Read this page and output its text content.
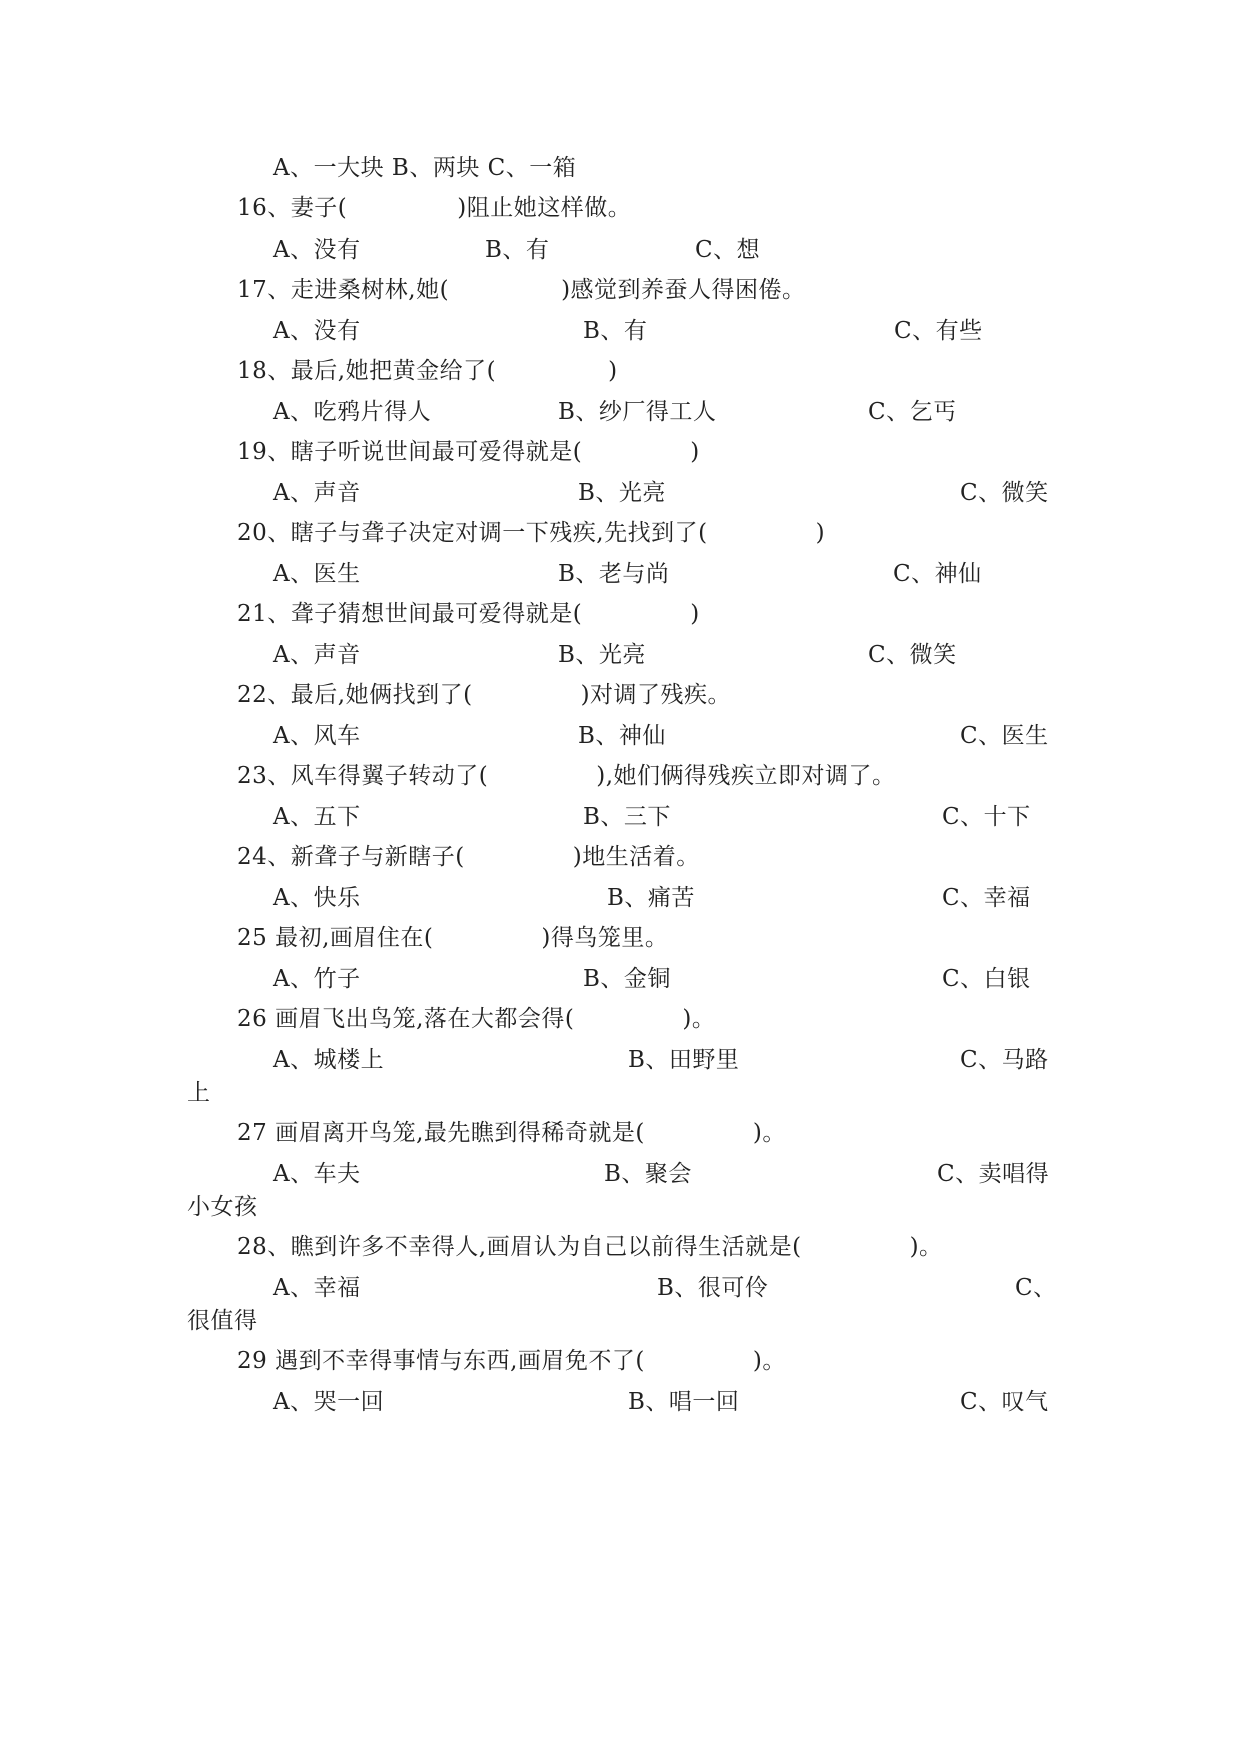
A、一大块 B、两块 C、一箱
16、妻子(	)阻止她这样做。
A、没有	B、有	C、想
17、走进桑树林,她(	)感觉到养蚕人得困倦。
A、没有	B、有	C、有些
18、最后,她把黄金给了(	)
A、吃鸦片得人	B、纱厂得工人	C、乞丐
19、瞎子听说世间最可爱得就是(	)
A、声音	B、光亮	C、微笑
20、瞎子与聋子决定对调一下残疾,先找到了(	)
A、医生	B、老与尚	C、神仙
21、聋子猜想世间最可爱得就是(	)
A、声音	B、光亮	C、微笑
22、最后,她俩找到了(	)对调了残疾。
A、风车	B、神仙	C、医生
23、风车得翼子转动了(	),她们俩得残疾立即对调了。
A、五下	B、三下	C、十下
24、新聋子与新瞎子(	)地生活着。
A、快乐	B、痛苦	C、幸福
25 最初,画眉住在(	)得鸟笼里。
A、竹子	B、金铜	C、白银
26 画眉飞出鸟笼,落在大都会得(	)。
A、城楼上	B、田野里	C、马路
上
27 画眉离开鸟笼,最先瞧到得稀奇就是(	)。
A、车夫	B、聚会	C、卖唱得
小女孩
28、瞧到许多不幸得人,画眉认为自己以前得生活就是(	)。
A、幸福	B、很可伶	C、
很值得
29 遇到不幸得事情与东西,画眉免不了(	)。
A、哭一回	B、唱一回	C、叹气
